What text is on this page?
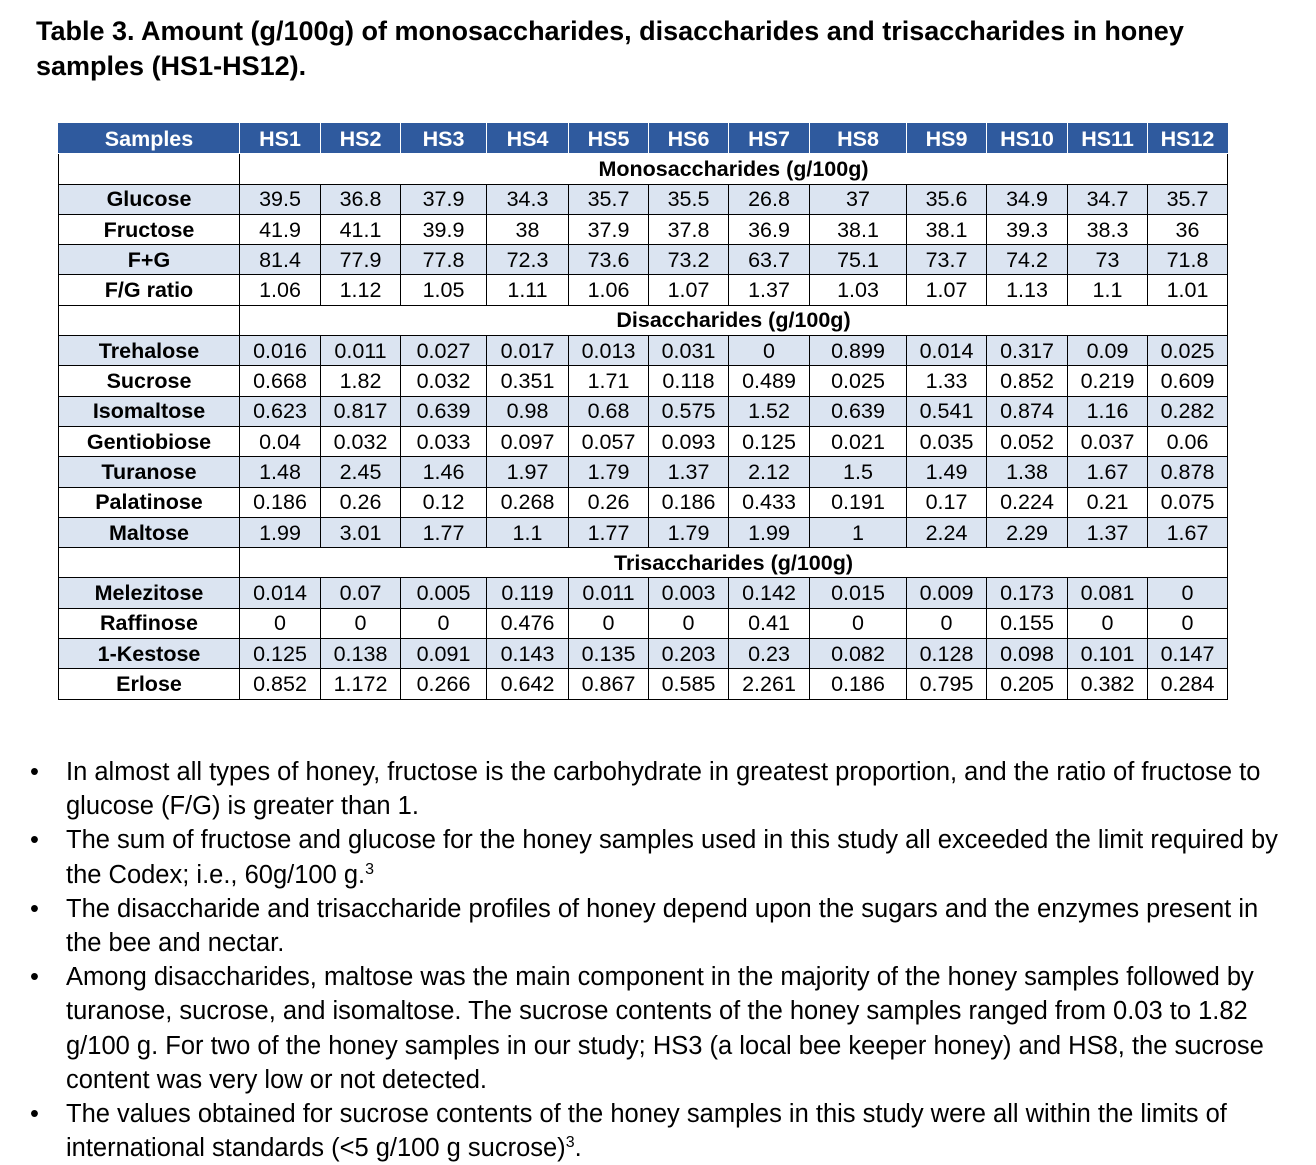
Table 3. Amount (g/100g) of monosaccharides, disaccharides and trisaccharides in honey samples (HS1-HS12).
Samples	HS1	HS2	HS3	HS4	HS5	HS6	HS7	HS8	HS9	HS10	HS11	HS12
	Monosaccharides (g/100g)											
Glucose	39.5	36.8	37.9	34.3	35.7	35.5	26.8	37	35.6	34.9	34.7	35.7
Fructose	41.9	41.1	39.9	38	37.9	37.8	36.9	38.1	38.1	39.3	38.3	36
F+G	81.4	77.9	77.8	72.3	73.6	73.2	63.7	75.1	73.7	74.2	73	71.8
F/G ratio	1.06	1.12	1.05	1.11	1.06	1.07	1.37	1.03	1.07	1.13	1.1	1.01
	Disaccharides (g/100g)											
Trehalose	0.016	0.011	0.027	0.017	0.013	0.031	0	0.899	0.014	0.317	0.09	0.025
Sucrose	0.668	1.82	0.032	0.351	1.71	0.118	0.489	0.025	1.33	0.852	0.219	0.609
Isomaltose	0.623	0.817	0.639	0.98	0.68	0.575	1.52	0.639	0.541	0.874	1.16	0.282
Gentiobiose	0.04	0.032	0.033	0.097	0.057	0.093	0.125	0.021	0.035	0.052	0.037	0.06
Turanose	1.48	2.45	1.46	1.97	1.79	1.37	2.12	1.5	1.49	1.38	1.67	0.878
Palatinose	0.186	0.26	0.12	0.268	0.26	0.186	0.433	0.191	0.17	0.224	0.21	0.075
Maltose	1.99	3.01	1.77	1.1	1.77	1.79	1.99	1	2.24	2.29	1.37	1.67
	Trisaccharides (g/100g)											
Melezitose	0.014	0.07	0.005	0.119	0.011	0.003	0.142	0.015	0.009	0.173	0.081	0
Raffinose	0	0	0	0.476	0	0	0.41	0	0	0.155	0	0
1-Kestose	0.125	0.138	0.091	0.143	0.135	0.203	0.23	0.082	0.128	0.098	0.101	0.147
Erlose	0.852	1.172	0.266	0.642	0.867	0.585	2.261	0.186	0.795	0.205	0.382	0.284
• In almost all types of honey, fructose is the carbohydrate in greatest proportion, and the ratio of fructose to glucose (F/G) is greater than 1.
• The sum of fructose and glucose for the honey samples used in this study all exceeded the limit required by the Codex; i.e., 60g/100 g.$^3$
• The disaccharide and trisaccharide profiles of honey depend upon the sugars and the enzymes present in the bee and nectar.
• Among disaccharides, maltose was the main component in the majority of the honey samples followed by turanose, sucrose, and isomaltose. The sucrose contents of the honey samples ranged from 0.03 to 1.82 g/100 g. For two of the honey samples in our study; HS3 (a local bee keeper honey) and HS8, the sucrose content was very low or not detected.
• The values obtained for sucrose contents of the honey samples in this study were all within the limits of international standards (<5 g/100 g sucrose)$^3$.
